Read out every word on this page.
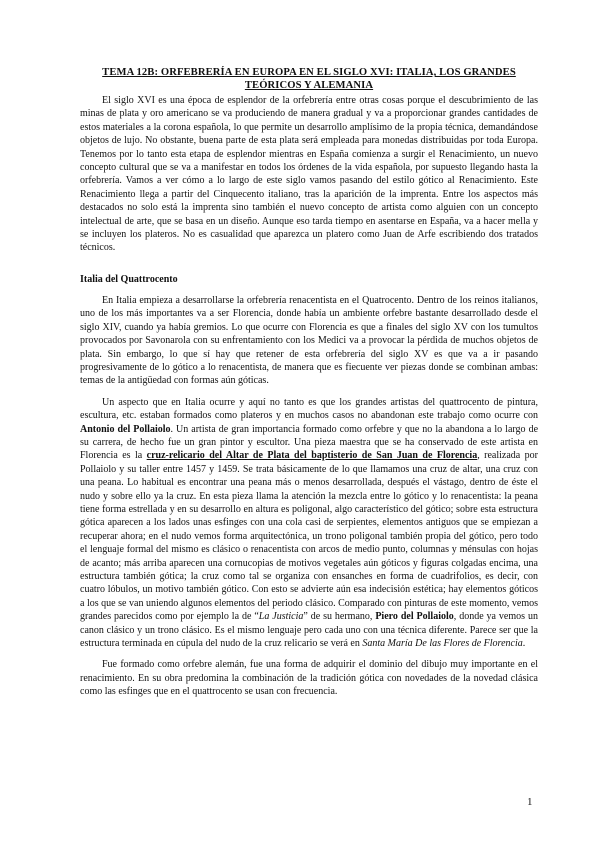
TEMA 12B: ORFEBRERÍA EN EUROPA EN EL SIGLO XVI: ITALIA, LOS GRANDES TEÓRICOS Y ALEMANIA

El siglo XVI es una época de esplendor de la orfebrería entre otras cosas porque el descubrimiento de las minas de plata y oro americano se va produciendo de manera gradual y va a proporcionar grandes cantidades de estos materiales a la corona española, lo que permite un desarrollo amplísimo de la propia técnica, demandándose objetos de lujo. No obstante, buena parte de esta plata será empleada para monedas distribuidas por toda Europa. Tenemos por lo tanto esta etapa de esplendor mientras en España comienza a surgir el Renacimiento, un nuevo concepto cultural que se va a manifestar en todos los órdenes de la vida española, por supuesto llegando hasta la orfebrería. Vamos a ver cómo a lo largo de este siglo vamos pasando del estilo gótico al Renacimiento. Este Renacimiento llega a partir del Cinquecento italiano, tras la aparición de la imprenta. Entre los aspectos más destacados no solo está la imprenta sino también el nuevo concepto de artista como alguien con un concepto intelectual de arte, que se basa en un diseño. Aunque eso tarda tiempo en asentarse en España, va a hacer mella y se incluyen los plateros. No es casualidad que aparezca un platero como Juan de Arfe escribiendo dos tratados técnicos.

Italia del Quattrocento

En Italia empieza a desarrollarse la orfebrería renacentista en el Quatrocento. Dentro de los reinos italianos, uno de los más importantes va a ser Florencia, donde había un ambiente orfebre bastante desarrollado desde el siglo XIV, cuando ya había gremios. Lo que ocurre con Florencia es que a finales del siglo XV con los tumultos provocados por Savonarola con su enfrentamiento con los Medici va a provocar la pérdida de muchos objetos de plata. Sin embargo, lo que sí hay que retener de esta orfebrería del siglo XV es que va a ir pasando progresivamente de lo gótico a lo renacentista, de manera que es fiecuente ver piezas donde se combinan ambas: temas de la antigüedad con formas aún góticas.

Un aspecto que en Italia ocurre y aquí no tanto es que los grandes artistas del quattrocento de pintura, escultura, etc. estaban formados como plateros y en muchos casos no abandonan este trabajo como ocurre con Antonio del Pollaiolo. Un artista de gran importancia formado como orfebre y que no la abandona a lo largo de su carrera, de hecho fue un gran pintor y escultor. Una pieza maestra que se ha conservado de este artista en Florencia es la cruz-relicario del Altar de Plata del baptisterio de San Juan de Florencia, realizada por Pollaiolo y su taller entre 1457 y 1459. Se trata básicamente de lo que llamamos una cruz de altar, una cruz con una peana. Lo habitual es encontrar una peana más o menos desarrollada, después el vástago, dentro de éste el nudo y sobre ello ya la cruz. En esta pieza llama la atención la mezcla entre lo gótico y lo renacentista: la peana tiene forma estrellada y en su desarrollo en altura es poligonal, algo característico del gótico; sobre esta estructura gótica aparecen a los lados unas esfinges con una cola casi de serpientes, elementos antiguos que se empiezan a recuperar ahora; en el nudo vemos forma arquitectónica, un trono poligonal también propia del gótico, pero todo el lenguaje formal del mismo es clásico o renacentista con arcos de medio punto, columnas y ménsulas con hojas de acanto; más arriba aparecen una cornucopias de motivos vegetales aún góticos y figuras colgadas encima, una estructura también gótica; la cruz como tal se organiza con ensanches en forma de cuadrifolios, es decir, con cuatro lóbulos, un motivo también gótico. Con esto se advierte aún esa indecisión estética; hay elementos góticos a los que se van uniendo algunos elementos del periodo clásico. Comparado con pinturas de este momento, vemos grandes parecidos como por ejemplo la de “La Justicia” de su hermano, Piero del Pollaiolo, donde ya vemos un canon clásico y un trono clásico. Es el mismo lenguaje pero cada uno con una técnica diferente. Parece ser que la estructura terminada en cúpula del nudo de la cruz relicario se verá en Santa María De las Flores de Florencia.

Fue formado como orfebre alemán, fue una forma de adquirir el dominio del dibujo muy importante en el renacimiento. En su obra predomina la combinación de la tradición gótica con novedades de la novedad clásica como las esfinges que en el quattrocento se usan con frecuencia.

1
